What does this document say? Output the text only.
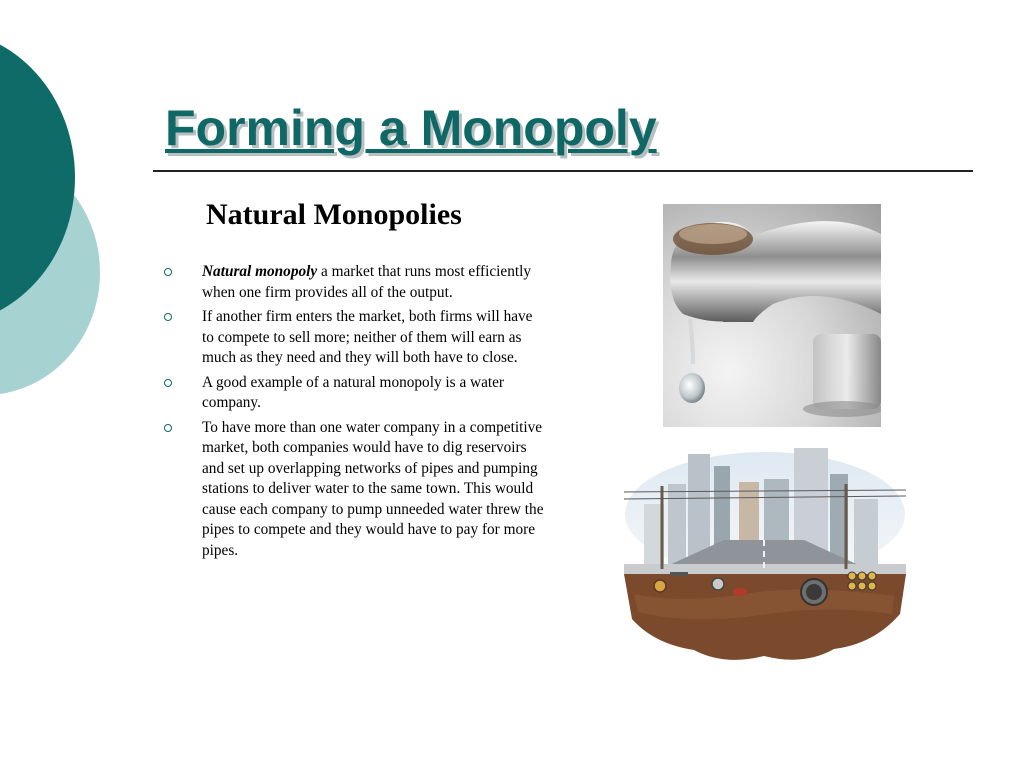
Forming a Monopoly
Natural Monopolies
Natural monopoly a market that runs most efficiently when one firm provides all of the output.
If another firm enters the market, both firms will have to compete to sell more; neither of them will earn as much as they need and they will both have to close.
A good example of a natural monopoly is a water company.
To have more than one water company in a competitive market, both companies would have to dig reservoirs and set up overlapping networks of pipes and pumping stations to deliver water to the same town. This would cause each company to pump unneeded water threw the pipes to compete and they would have to pay for more pipes.
